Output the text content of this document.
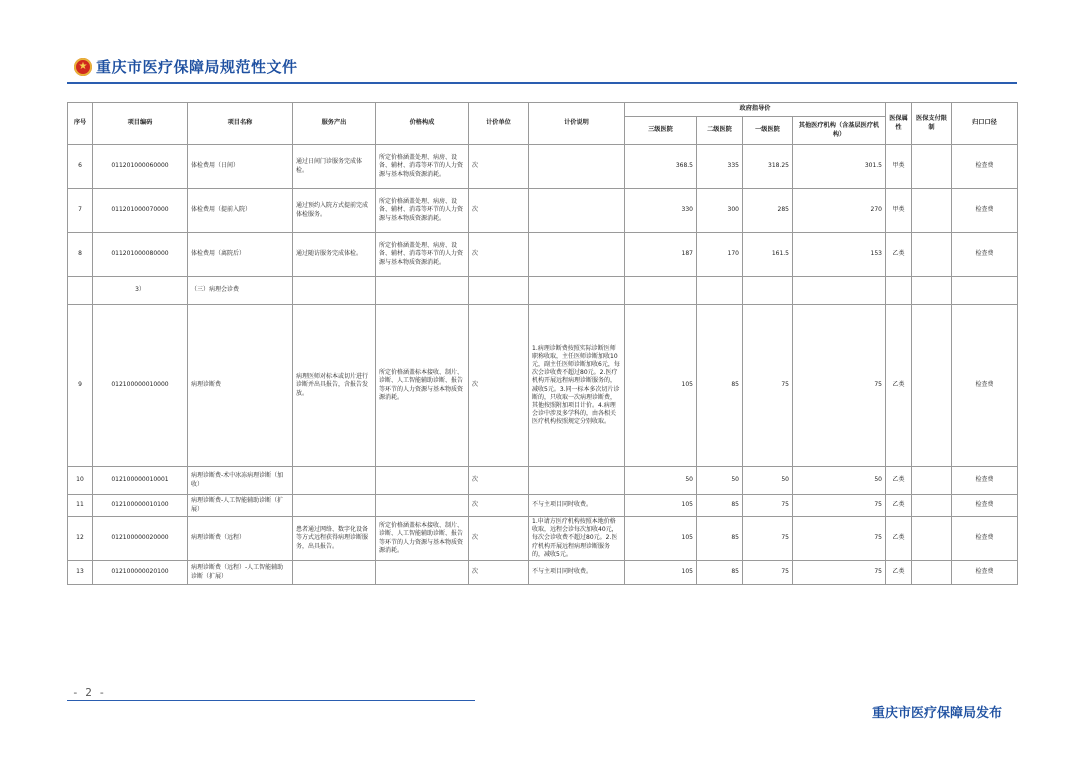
★ 重庆市医疗保障局规范性文件
序号	项目编码	项目名称	服务产出	价格构成	计价单位	计价说明	政府指导价				医保属性	医保支付限制	归口口径
							三级医院	二级医院	一级医院	其他医疗机构（含基层医疗机构）			
6	011201000060000	体检费用（日间）	通过日间门诊服务完成体检。	所定价格涵盖处理、病房、设备、辅材、消毒等环节的人力资源与基本物质资源消耗。	次		368.5	335	318.25	301.5	甲类		检查费
7	011201000070000	体检费用（提前入院）	通过预约入院方式提前完成体检服务。	所定价格涵盖处理、病房、设备、辅材、消毒等环节的人力资源与基本物质资源消耗。	次		330	300	285	270	甲类		检查费
8	011201000080000	体检费用（离院后）	通过随访服务完成体检。	所定价格涵盖处理、病房、设备、辅材、消毒等环节的人力资源与基本物质资源消耗。	次		187	170	161.5	153	乙类		检查费
	3）	（三）病理会诊费											
9	012100000010000	病理诊断费	病理医师对标本或切片进行诊断并出具报告，含报告发放。	所定价格涵盖标本接收、制片、诊断、人工智能辅助诊断、报告等环节的人力资源与基本物质资源消耗。	次	1.病理诊断费按照实际诊断医师职称收取，主任医师诊断加收10元，副主任医师诊断加收6元，每次会诊收费不超过80元。2.医疗机构开展远程病理诊断服务的，减收5元。3.同一标本多次切片诊断的，只收取一次病理诊断费，其他按照附加项目计价。4.病理会诊中涉及多学科的，由各相关医疗机构按照规定分别收取。	105	85	75	75	乙类		检查费
10	012100000010001	病理诊断费-术中冰冻病理诊断（加收）			次		50	50	50	50	乙类		检查费
11	012100000010100	病理诊断费-人工智能辅助诊断（扩展）			次	不与主项目同时收费。	105	85	75	75	乙类		检查费
12	012100000020000	病理诊断费（远程）	患者通过网络、数字化设备等方式远程获得病理诊断服务，出具报告。	所定价格涵盖标本接收、制片、诊断、人工智能辅助诊断、报告等环节的人力资源与基本物质资源消耗。	次	1.申请方医疗机构按照本地价格收取，远程会诊每次加收40元，每次会诊收费不超过80元。2.医疗机构开展远程病理诊断服务的，减收5元。	105	85	75	75	乙类		检查费
13	012100000020100	病理诊断费（远程）-人工智能辅助诊断（扩展）			次	不与主项目同时收费。	105	85	75	75	乙类		检查费
- 2 -
重庆市医疗保障局发布
